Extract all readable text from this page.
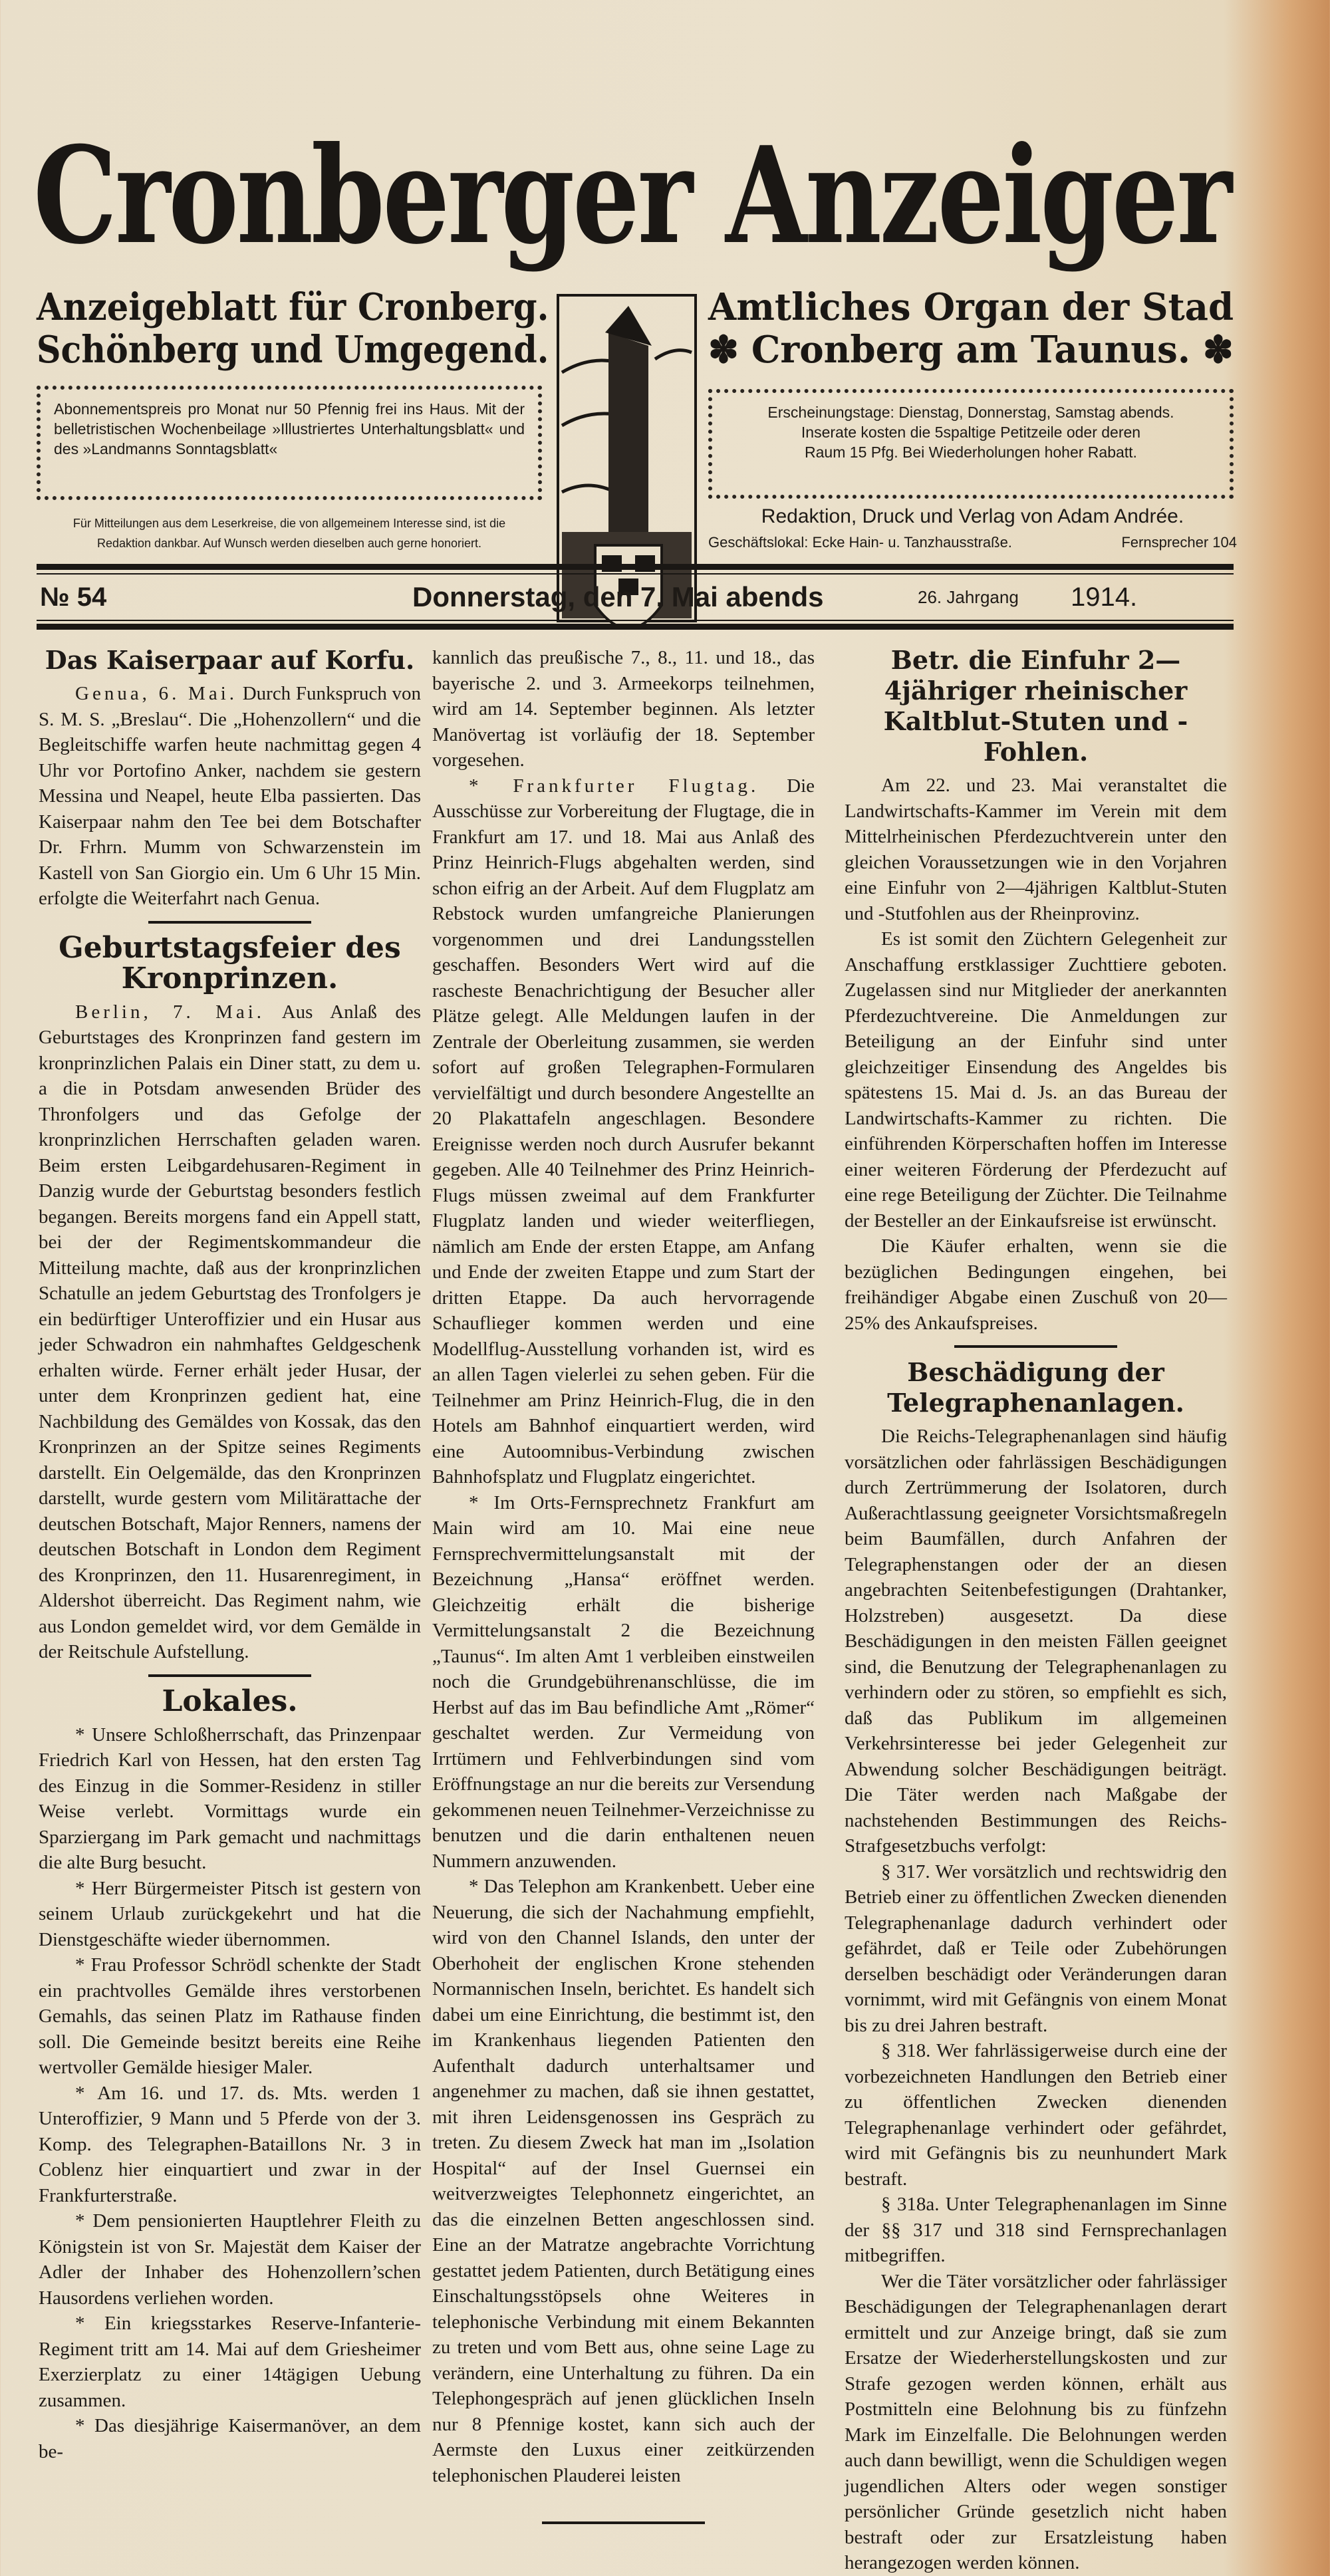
Cronberger Anzeiger
Anzeigeblatt für Cronberg.
Schönberg und Umgegend.
Amtliches Organ der Stad
✽ Cronberg am Taunus. ✽
Abonnementspreis pro Monat nur 50 Pfennig frei ins Haus. Mit der belletristischen Wochenbeilage »Illustriertes Unterhaltungsblatt« und des »Landmanns Sonntagsblatt«
Erscheinungstage: Dienstag, Donnerstag, Samstag abends.
Inserate kosten die 5spaltige Petitzeile oder deren
Raum 15 Pfg. Bei Wiederholungen hoher Rabatt.
Für Mitteilungen aus dem Leserkreise, die von allgemeinem Interesse sind, ist die
Redaktion dankbar. Auf Wunsch werden dieselben auch gerne honoriert.
Redaktion, Druck und Verlag von Adam Andrée.
Geschäftslokal: Ecke Hain- u. Tanzhausstraße.	Fernsprecher 104
№ 54	Donnerstag, den 7. Mai abends	26. Jahrgang	1914.
Das Kaiserpaar auf Korfu.

Genua, 6. Mai. Durch Funkspruch von S. M. S. „Breslau“. Die „Hohenzollern“ und die Begleitschiffe warfen heute nachmittag gegen 4 Uhr vor Portofino Anker, nachdem sie gestern Messina und Neapel, heute Elba passierten. Das Kaiserpaar nahm den Tee bei dem Botschafter Dr. Frhrn. Mumm von Schwarzenstein im Kastell von San Giorgio ein. Um 6 Uhr 15 Min. erfolgte die Weiterfahrt nach Genua.

Geburtstagsfeier des Kronprinzen.

Berlin, 7. Mai. Aus Anlaß des Geburtstages des Kronprinzen fand gestern im kronprinzlichen Palais ein Diner statt, zu dem u. a die in Potsdam anwesenden Brüder des Thronfolgers und das Gefolge der kronprinzlichen Herrschaften geladen waren. Beim ersten Leibgardehusaren-Regiment in Danzig wurde der Geburtstag besonders festlich begangen. Bereits morgens fand ein Appell statt, bei der der Regimentskommandeur die Mitteilung machte, daß aus der kronprinzlichen Schatulle an jedem Geburtstag des Tronfolgers je ein bedürftiger Unteroffizier und ein Husar aus jeder Schwadron ein nahmhaftes Geldgeschenk erhalten würde. Ferner erhält jeder Husar, der unter dem Kronprinzen gedient hat, eine Nachbildung des Gemäldes von Kossak, das den Kronprinzen an der Spitze seines Regiments darstellt. Ein Oelgemälde, das den Kronprinzen darstellt, wurde gestern vom Militärattache der deutschen Botschaft, Major Renners, namens der deutschen Botschaft in London dem Regiment des Kronprinzen, den 11. Husarenregiment, in Aldershot überreicht. Das Regiment nahm, wie aus London gemeldet wird, vor dem Gemälde in der Reitschule Aufstellung.

Lokales.

* Unsere Schloßherrschaft, das Prinzenpaar Friedrich Karl von Hessen, hat den ersten Tag des Einzug in die Sommer-Residenz in stiller Weise verlebt. Vormittags wurde ein Sparziergang im Park gemacht und nachmittags die alte Burg besucht.

* Herr Bürgermeister Pitsch ist gestern von seinem Urlaub zurückgekehrt und hat die Dienstgeschäfte wieder übernommen.

* Frau Professor Schrödl schenkte der Stadt ein prachtvolles Gemälde ihres verstorbenen Gemahls, das seinen Platz im Rathause finden soll. Die Gemeinde besitzt bereits eine Reihe wertvoller Gemälde hiesiger Maler.

* Am 16. und 17. ds. Mts. werden 1 Unteroffizier, 9 Mann und 5 Pferde von der 3. Komp. des Telegraphen-Bataillons Nr. 3 in Coblenz hier einquartiert und zwar in der Frankfurterstraße.

* Dem pensionierten Hauptlehrer Fleith zu Königstein ist von Sr. Majestät dem Kaiser der Adler der Inhaber des Hohenzollern’schen Hausordens verliehen worden.

* Ein kriegsstarkes Reserve-Infanterie-Regiment tritt am 14. Mai auf dem Griesheimer Exerzierplatz zu einer 14tägigen Uebung zusammen.

* Das diesjährige Kaisermanöver, an dem be-

kannlich das preußische 7., 8., 11. und 18., das bayerische 2. und 3. Armeekorps teilnehmen, wird am 14. September beginnen. Als letzter Manövertag ist vorläufig der 18. September vorgesehen.

* Frankfurter Flugtag. Die Ausschüsse zur Vorbereitung der Flugtage, die in Frankfurt am 17. und 18. Mai aus Anlaß des Prinz Heinrich-Flugs abgehalten werden, sind schon eifrig an der Arbeit. Auf dem Flugplatz am Rebstock wurden umfangreiche Planierungen vorgenommen und drei Landungsstellen geschaffen. Besonders Wert wird auf die rascheste Benachrichtigung der Besucher aller Plätze gelegt. Alle Meldungen laufen in der Zentrale der Oberleitung zusammen, sie werden sofort auf großen Telegraphen-Formularen vervielfältigt und durch besondere Angestellte an 20 Plakattafeln angeschlagen. Besondere Ereignisse werden noch durch Ausrufer bekannt gegeben. Alle 40 Teilnehmer des Prinz Heinrich-Flugs müssen zweimal auf dem Frankfurter Flugplatz landen und wieder weiterfliegen, nämlich am Ende der ersten Etappe, am Anfang und Ende der zweiten Etappe und zum Start der dritten Etappe. Da auch hervorragende Schauflieger kommen werden und eine Modellflug-Ausstellung vorhanden ist, wird es an allen Tagen vielerlei zu sehen geben. Für die Teilnehmer am Prinz Heinrich-Flug, die in den Hotels am Bahnhof einquartiert werden, wird eine Autoomnibus-Verbindung zwischen Bahnhofsplatz und Flugplatz eingerichtet.

* Im Orts-Fernsprechnetz Frankfurt am Main wird am 10. Mai eine neue Fernsprechvermittelungsanstalt mit der Bezeichnung „Hansa“ eröffnet werden. Gleichzeitig erhält die bisherige Vermittelungsanstalt 2 die Bezeichnung „Taunus“. Im alten Amt 1 verbleiben einstweilen noch die Grundgebührenanschlüsse, die im Herbst auf das im Bau befindliche Amt „Römer“ geschaltet werden. Zur Vermeidung von Irrtümern und Fehlverbindungen sind vom Eröffnungstage an nur die bereits zur Versendung gekommenen neuen Teilnehmer-Verzeichnisse zu benutzen und die darin enthaltenen neuen Nummern anzuwenden.

* Das Telephon am Krankenbett. Ueber eine Neuerung, die sich der Nachahmung empfiehlt, wird von den Channel Islands, den unter der Oberhoheit der englischen Krone stehenden Normannischen Inseln, berichtet. Es handelt sich dabei um eine Einrichtung, die bestimmt ist, den im Krankenhaus liegenden Patienten den Aufenthalt dadurch unterhaltsamer und angenehmer zu machen, daß sie ihnen gestattet, mit ihren Leidensgenossen ins Gespräch zu treten. Zu diesem Zweck hat man im „Isolation Hospital“ auf der Insel Guernsei ein weitverzweigtes Telephonnetz eingerichtet, an das die einzelnen Betten angeschlossen sind. Eine an der Matratze angebrachte Vorrichtung gestattet jedem Patienten, durch Betätigung eines Einschaltungsstöpsels ohne Weiteres in telephonische Verbindung mit einem Bekannten zu treten und vom Bett aus, ohne seine Lage zu verändern, eine Unterhaltung zu führen. Da ein Telephongespräch auf jenen glücklichen Inseln nur 8 Pfennige kostet, kann sich auch der Aermste den Luxus einer zeitkürzenden telephonischen Plauderei leisten

Betr. die Einfuhr 2—4jähriger rheinischer Kaltblut-Stuten und -Fohlen.

Am 22. und 23. Mai veranstaltet die Landwirtschafts-Kammer im Verein mit dem Mittelrheinischen Pferdezuchtverein unter den gleichen Voraussetzungen wie in den Vorjahren eine Einfuhr von 2—4jährigen Kaltblut-Stuten und -Stutfohlen aus der Rheinprovinz.

Es ist somit den Züchtern Gelegenheit zur Anschaffung erstklassiger Zuchttiere geboten. Zugelassen sind nur Mitglieder der anerkannten Pferdezuchtvereine. Die Anmeldungen zur Beteiligung an der Einfuhr sind unter gleichzeitiger Einsendung des Angeldes bis spätestens 15. Mai d. Js. an das Bureau der Landwirtschafts-Kammer zu richten. Die einführenden Körperschaften hoffen im Interesse einer weiteren Förderung der Pferdezucht auf eine rege Beteiligung der Züchter. Die Teilnahme der Besteller an der Einkaufsreise ist erwünscht.

Die Käufer erhalten, wenn sie die bezüglichen Bedingungen eingehen, bei freihändiger Abgabe einen Zuschuß von 20—25% des Ankaufspreises.

Beschädigung der Telegraphenanlagen.

Die Reichs-Telegraphenanlagen sind häufig vorsätzlichen oder fahrlässigen Beschädigungen durch Zertrümmerung der Isolatoren, durch Außerachtlassung geeigneter Vorsichtsmaßregeln beim Baumfällen, durch Anfahren der Telegraphenstangen oder der an diesen angebrachten Seitenbefestigungen (Drahtanker, Holzstreben) ausgesetzt. Da diese Beschädigungen in den meisten Fällen geeignet sind, die Benutzung der Telegraphenanlagen zu verhindern oder zu stören, so empfiehlt es sich, daß das Publikum im allgemeinen Verkehrsinteresse bei jeder Gelegenheit zur Abwendung solcher Beschädigungen beiträgt. Die Täter werden nach Maßgabe der nachstehenden Bestimmungen des Reichs-Strafgesetzbuchs verfolgt:

§ 317. Wer vorsätzlich und rechtswidrig den Betrieb einer zu öffentlichen Zwecken dienenden Telegraphenanlage dadurch verhindert oder gefährdet, daß er Teile oder Zubehörungen derselben beschädigt oder Veränderungen daran vornimmt, wird mit Gefängnis von einem Monat bis zu drei Jahren bestraft.

§ 318. Wer fahrlässigerweise durch eine der vorbezeichneten Handlungen den Betrieb einer zu öffentlichen Zwecken dienenden Telegraphenanlage verhindert oder gefährdet, wird mit Gefängnis bis zu neunhundert Mark bestraft.

§ 318a. Unter Telegraphenanlagen im Sinne der §§ 317 und 318 sind Fernsprechanlagen mitbegriffen.

Wer die Täter vorsätzlicher oder fahrlässiger Beschädigungen der Telegraphenanlagen derart ermittelt und zur Anzeige bringt, daß sie zum Ersatze der Wiederherstellungskosten und zur Strafe gezogen werden können, erhält aus Postmitteln eine Belohnung bis zu fünfzehn Mark im Einzelfalle. Die Belohnungen werden auch dann bewilligt, wenn die Schuldigen wegen jugendlichen Alters oder wegen sonstiger persönlicher Gründe gesetzlich nicht haben bestraft oder zur Ersatzleistung haben herangezogen werden können.
